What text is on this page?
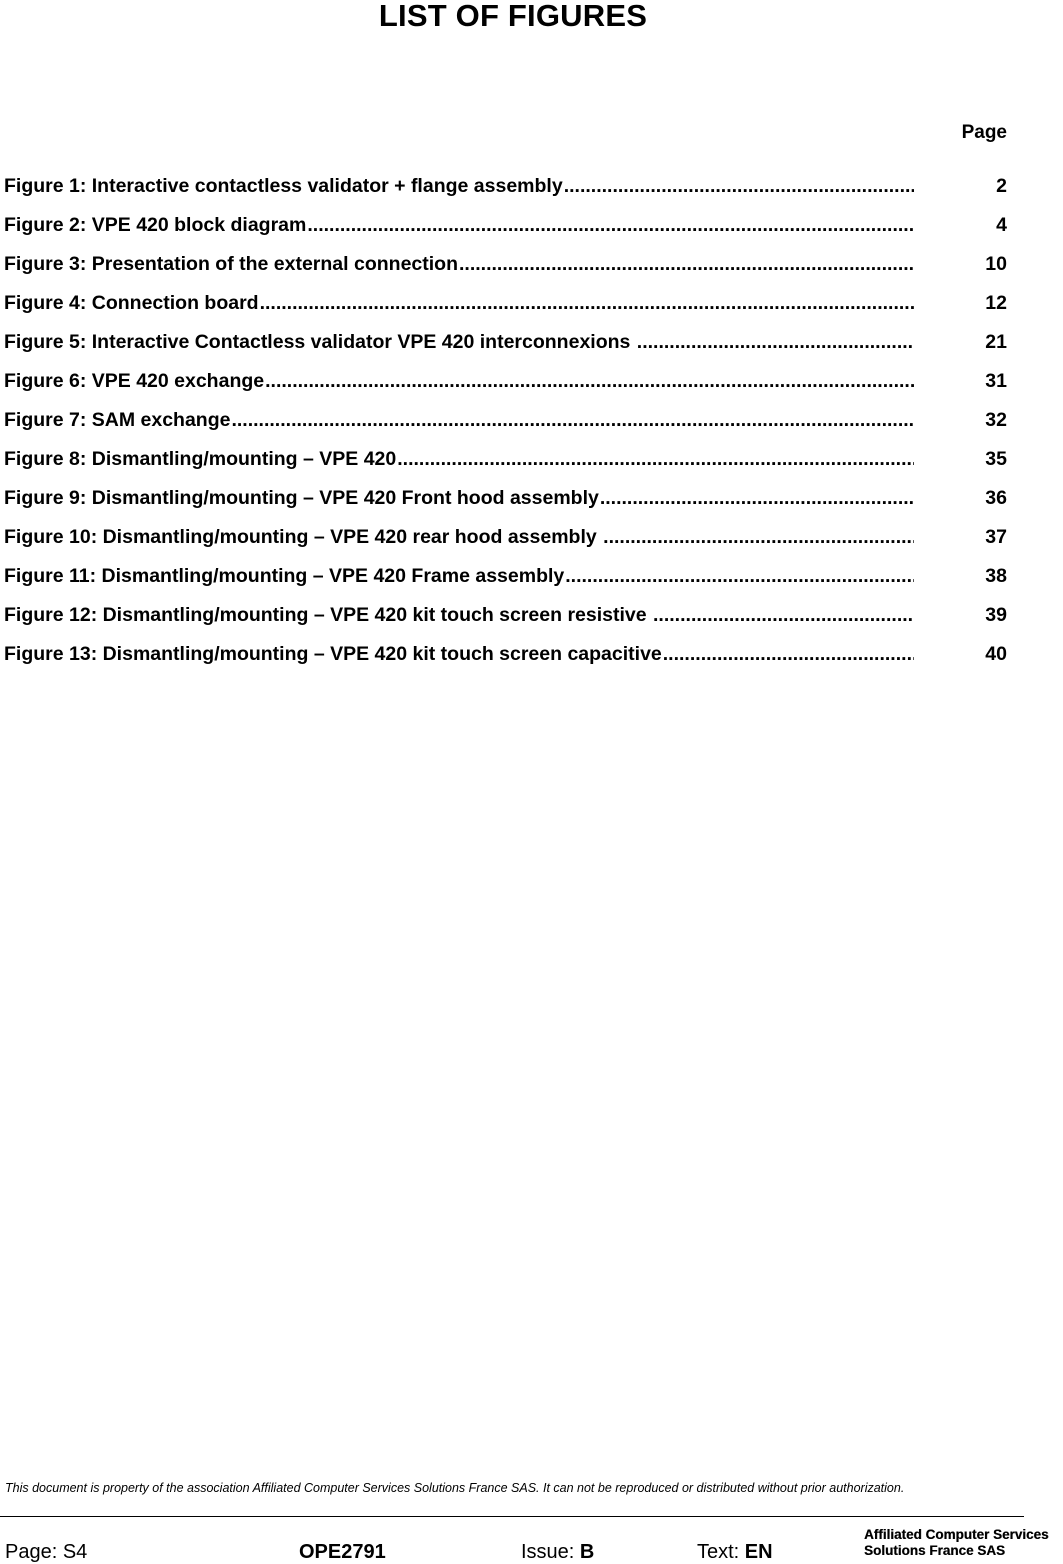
LIST OF FIGURES
Page
Figure 1: Interactive contactless validator + flange assembly .....	2
Figure 2: VPE 420 block diagram .....	4
Figure 3: Presentation of the external connection .....	10
Figure 4: Connection board .....	12
Figure 5: Interactive Contactless validator VPE 420 interconnexions .....	21
Figure 6: VPE 420 exchange .....	31
Figure 7: SAM exchange .....	32
Figure 8: Dismantling/mounting – VPE 420 .....	35
Figure 9: Dismantling/mounting – VPE 420 Front hood assembly .....	36
Figure 10: Dismantling/mounting – VPE 420 rear hood assembly .....	37
Figure 11: Dismantling/mounting – VPE 420 Frame assembly .....	38
Figure 12: Dismantling/mounting – VPE 420 kit touch screen resistive .....	39
Figure 13: Dismantling/mounting – VPE 420 kit touch screen capacitive .....	40

This document is property of the association Affiliated Computer Services Solutions France SAS. It can not be reproduced or distributed without prior authorization.

Page: S4	OPE2791	Issue: B	Text: EN
Affiliated Computer Services
Solutions France SAS
